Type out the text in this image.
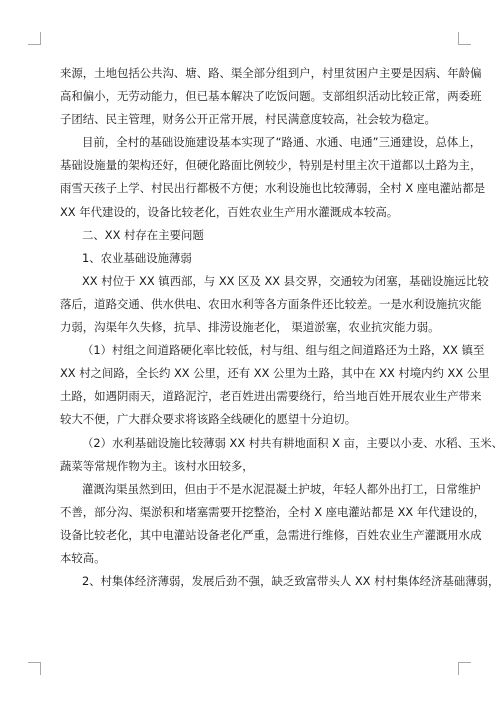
来源，土地包括公共沟、塘、路、渠全部分组到户，村里贫困户主要是因病、年龄偏
高和偏小，无劳动能力，但已基本解决了吃饭问题。支部组织活动比较正常，两委班
子团结、民主管理，财务公开正常开展，村民满意度较高，社会较为稳定。
目前，全村的基础设施建设基本实现了“路通、水通、电通”三通建设，总体上，
基础设施量的架构还好，但硬化路面比例较少，特别是村里主次干道都以土路为主，
雨雪天孩子上学、村民出行都极不方便；水利设施也比较薄弱，全村 X 座电灌站都是
XX 年代建设的，设备比较老化，百姓农业生产用水灌溉成本较高。
二、XX 村存在主要问题
1、农业基础设施薄弱
XX 村位于 XX 镇西部，与 XX 区及 XX 县交界，交通较为闭塞，基础设施远比较
落后，道路交通、供水供电、农田水利等各方面条件还比较差。一是水利设施抗灾能
力弱，沟渠年久失修，抗旱、排涝设施老化， 渠道淤塞，农业抗灾能力弱。
（1）村组之间道路硬化率比较低，村与组、组与组之间道路还为土路，XX 镇至
XX 村之间路，全长约 XX 公里，还有 XX 公里为土路，其中在 XX 村境内约 XX 公里
土路，如遇阴雨天，道路泥泞，老百姓进出需要绕行，给当地百姓开展农业生产带来
较大不便，广大群众要求将该路全线硬化的愿望十分迫切。
（2）水利基础设施比较薄弱 XX 村共有耕地面积 X 亩，主要以小麦、水稻、玉米、
蔬菜等常规作物为主。该村水田较多，
灌溉沟渠虽然到田，但由于不是水泥混凝土护坡，年轻人都外出打工，日常维护
不善，部分沟、渠淤积和堵塞需要开挖整治，全村 X 座电灌站都是 XX 年代建设的，
设备比较老化，其中电灌站设备老化严重，急需进行维修，百姓农业生产灌溉用水成
本较高。
2、村集体经济薄弱，发展后劲不强，缺乏致富带头人 XX 村村集体经济基础薄弱，
